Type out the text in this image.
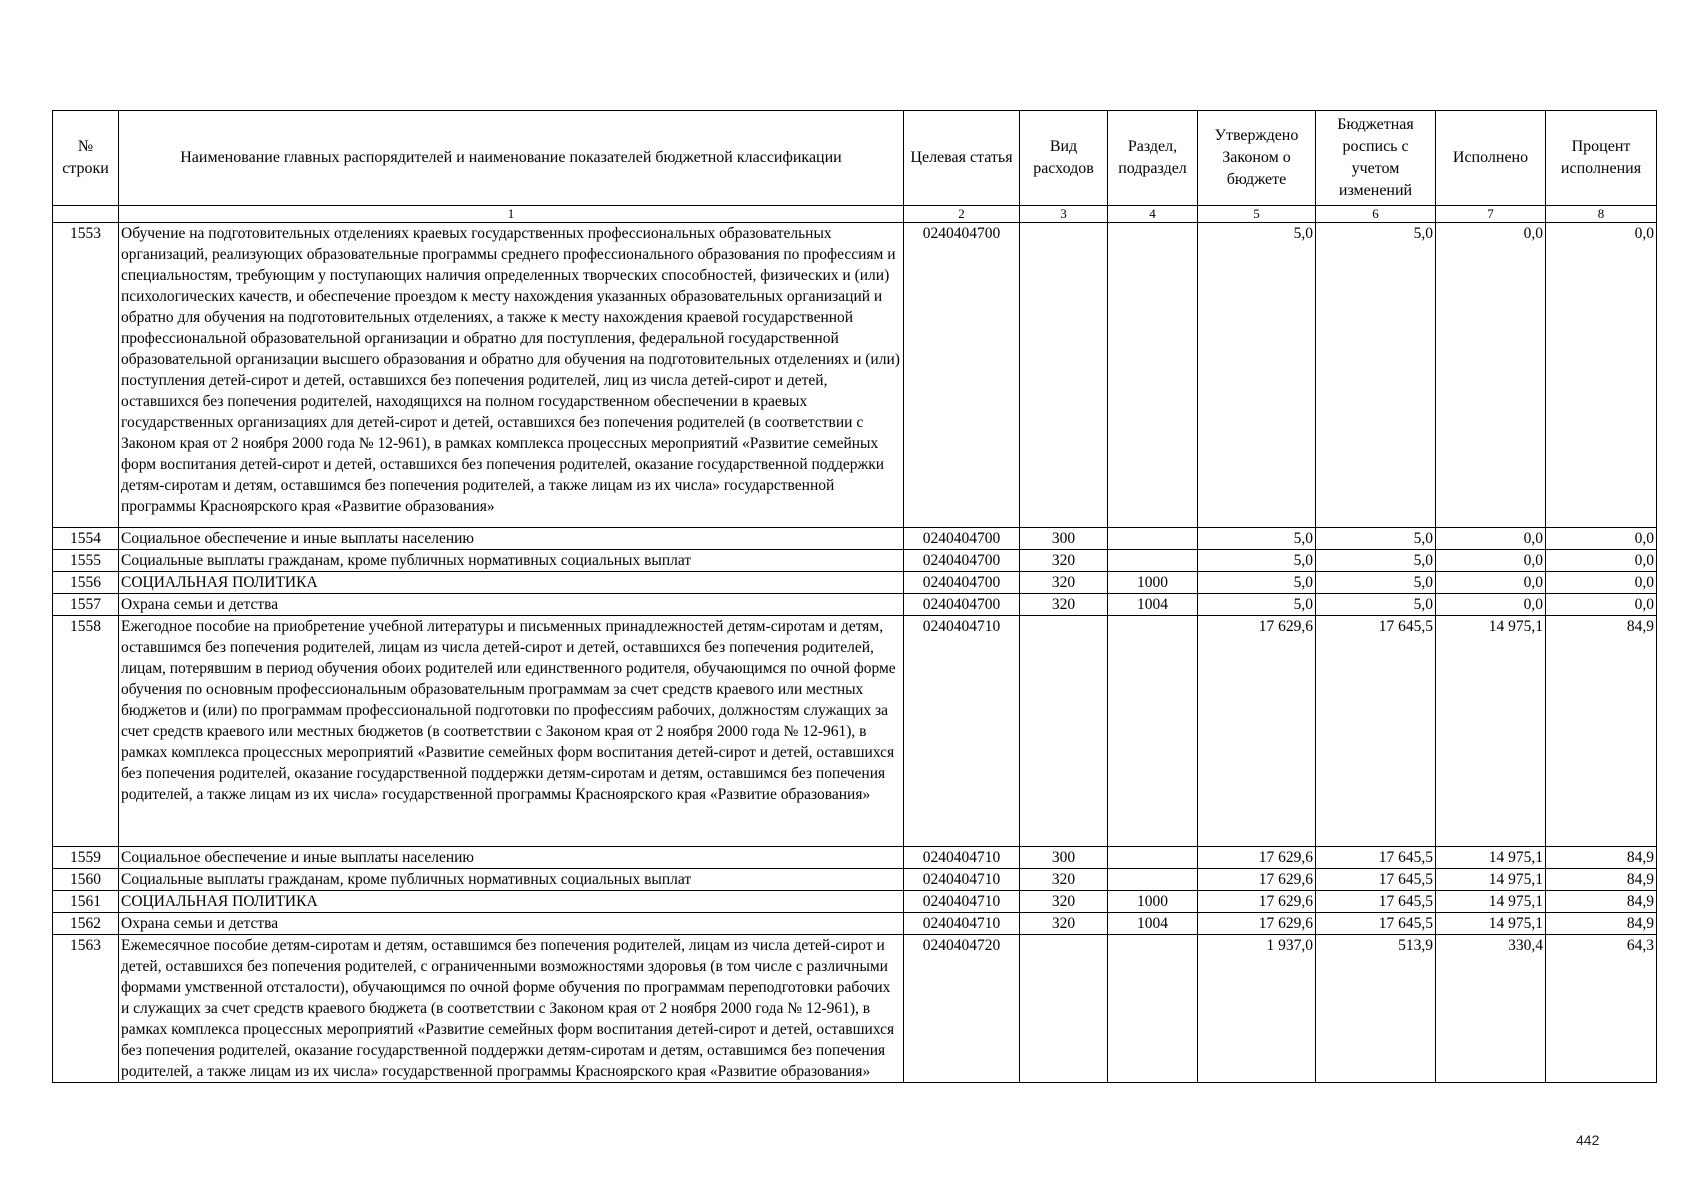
№ строки	Наименование главных распорядителей и наименование показателей бюджетной классификации	Целевая статья	Вид расходов	Раздел, подраздел	Утверждено Законом о бюджете	Бюджетная роспись с учетом изменений	Исполнено	Процент исполнения
	1	2	3	4	5	6	7	8
1553	Обучение на подготовительных отделениях краевых государственных профессиональных образовательных организаций, реализующих образовательные программы среднего профессионального образования по профессиям и специальностям, требующим у поступающих наличия определенных творческих способностей, физических и (или) психологических качеств, и обеспечение проездом к месту нахождения указанных образовательных организаций и обратно для обучения на подготовительных отделениях, а также к месту нахождения краевой государственной профессиональной образовательной организации и обратно для поступления, федеральной государственной образовательной организации высшего образования и обратно для обучения на подготовительных отделениях и (или) поступления детей-сирот и детей, оставшихся без попечения родителей, лиц из числа детей-сирот и детей, оставшихся без попечения родителей, находящихся на полном государственном обеспечении в краевых государственных организациях для детей-сирот и детей, оставшихся без попечения родителей (в соответствии с Законом края от 2 ноября 2000 года № 12-961), в рамках комплекса процессных мероприятий «Развитие семейных форм воспитания детей-сирот и детей, оставшихся без попечения родителей, оказание государственной поддержки детям-сиротам и детям, оставшимся без попечения родителей, а также лицам из их числа» государственной программы Красноярского края «Развитие образования»	0240404700			5,0	5,0	0,0	0,0
1554	Социальное обеспечение и иные выплаты населению	0240404700	300		5,0	5,0	0,0	0,0
1555	Социальные выплаты гражданам, кроме публичных нормативных социальных выплат	0240404700	320		5,0	5,0	0,0	0,0
1556	СОЦИАЛЬНАЯ ПОЛИТИКА	0240404700	320	1000	5,0	5,0	0,0	0,0
1557	Охрана семьи и детства	0240404700	320	1004	5,0	5,0	0,0	0,0
1558	Ежегодное пособие на приобретение учебной литературы и письменных принадлежностей детям-сиротам и детям, оставшимся без попечения родителей, лицам из числа детей-сирот и детей, оставшихся без попечения родителей, лицам, потерявшим в период обучения обоих родителей или единственного родителя, обучающимся по очной форме обучения по основным профессиональным образовательным программам за счет средств краевого или местных бюджетов и (или) по программам профессиональной подготовки по профессиям рабочих, должностям служащих за счет средств краевого или местных бюджетов (в соответствии с Законом края от 2 ноября 2000 года № 12-961), в рамках комплекса процессных мероприятий «Развитие семейных форм воспитания детей-сирот и детей, оставшихся без попечения родителей, оказание государственной поддержки детям-сиротам и детям, оставшимся без попечения родителей, а также лицам из их числа» государственной программы Красноярского края «Развитие образования»	0240404710			17 629,6	17 645,5	14 975,1	84,9
1559	Социальное обеспечение и иные выплаты населению	0240404710	300		17 629,6	17 645,5	14 975,1	84,9
1560	Социальные выплаты гражданам, кроме публичных нормативных социальных выплат	0240404710	320		17 629,6	17 645,5	14 975,1	84,9
1561	СОЦИАЛЬНАЯ ПОЛИТИКА	0240404710	320	1000	17 629,6	17 645,5	14 975,1	84,9
1562	Охрана семьи и детства	0240404710	320	1004	17 629,6	17 645,5	14 975,1	84,9
1563	Ежемесячное пособие детям-сиротам и детям, оставшимся без попечения родителей, лицам из числа детей-сирот и детей, оставшихся без попечения родителей, с ограниченными возможностями здоровья (в том числе с различными формами умственной отсталости), обучающимся по очной форме обучения по программам переподготовки рабочих и служащих за счет средств краевого бюджета (в соответствии с Законом края от 2 ноября 2000 года № 12-961), в рамках комплекса процессных мероприятий «Развитие семейных форм воспитания детей-сирот и детей, оставшихся без попечения родителей, оказание государственной поддержки детям-сиротам и детям, оставшимся без попечения родителей, а также лицам из их числа» государственной программы Красноярского края «Развитие образования»	0240404720			1 937,0	513,9	330,4	64,3
442
